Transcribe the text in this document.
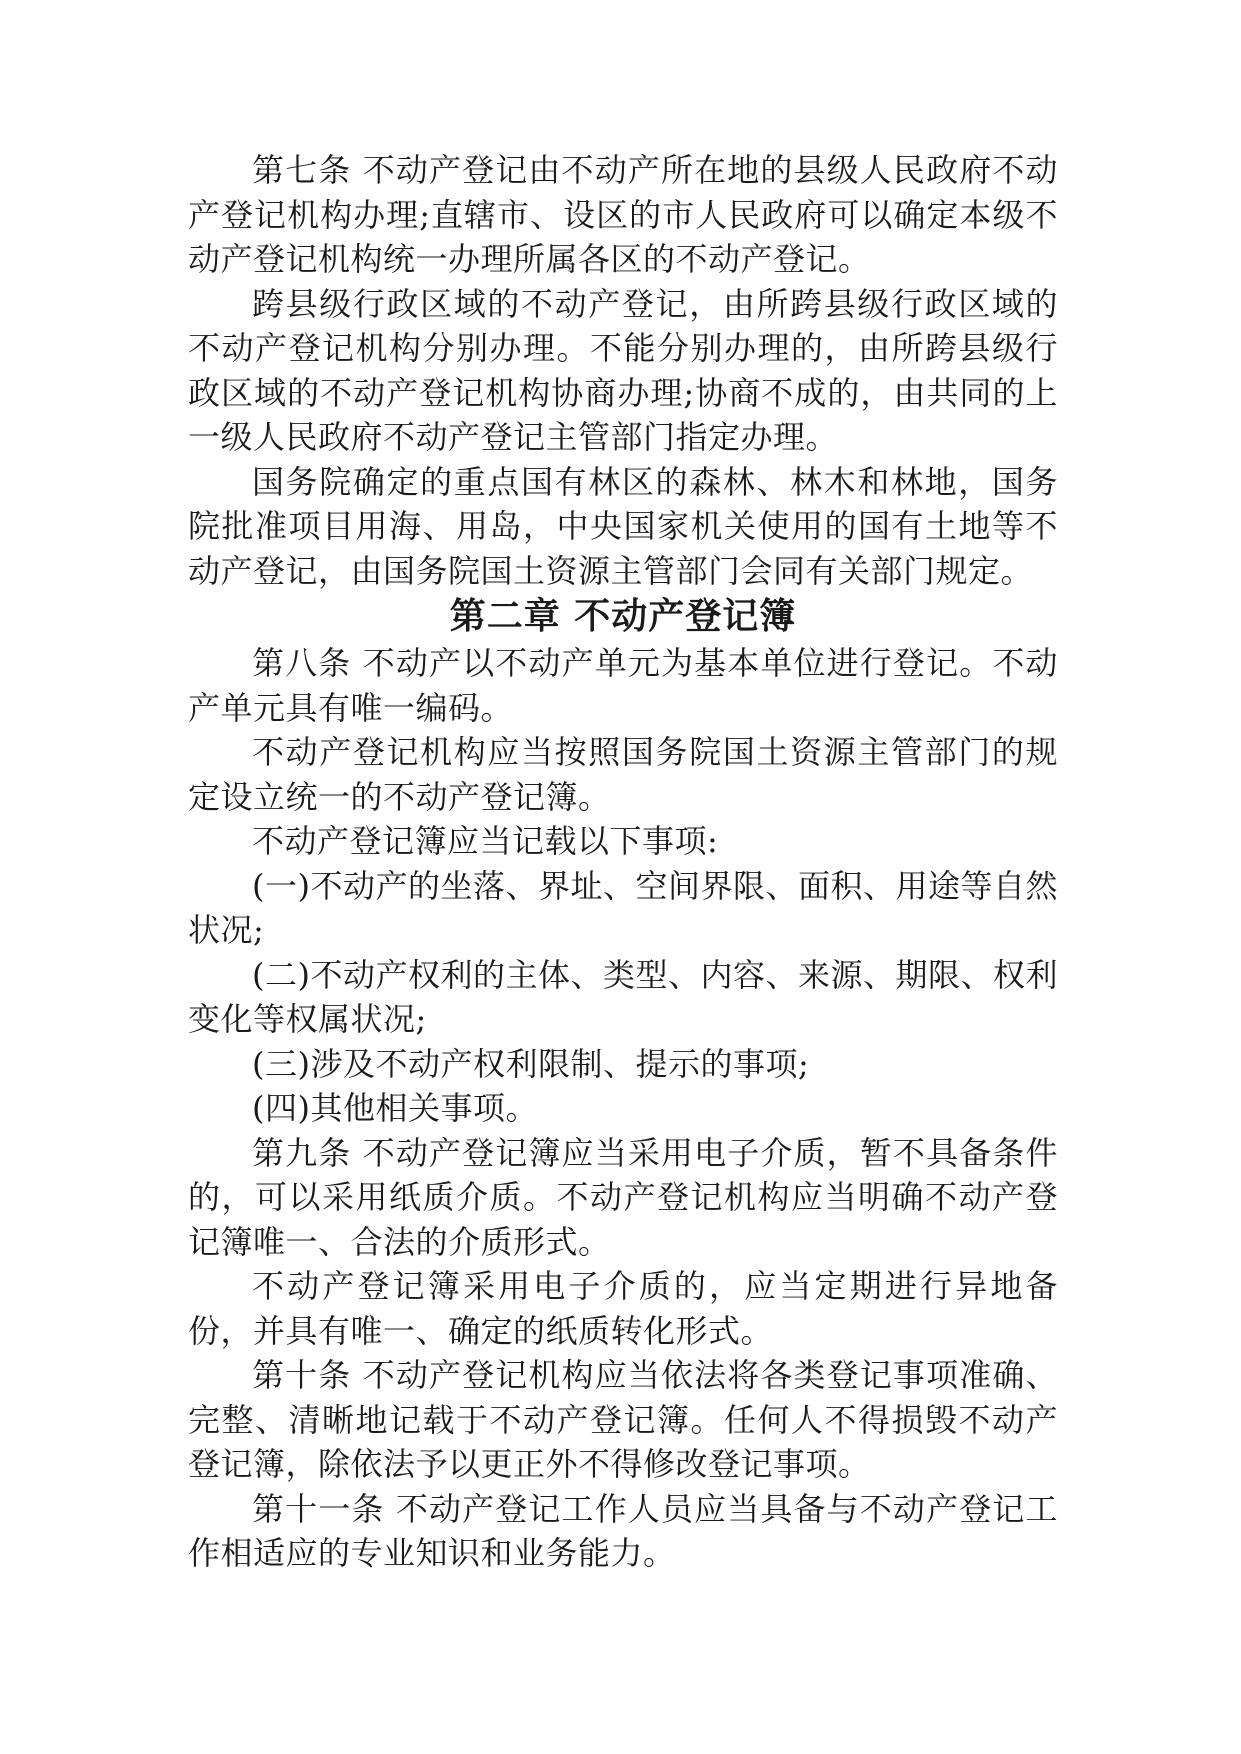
第七条 不动产登记由不动产所在地的县级人民政府不动产登记机构办理;直辖市、设区的市人民政府可以确定本级不动产登记机构统一办理所属各区的不动产登记。

跨县级行政区域的不动产登记，由所跨县级行政区域的不动产登记机构分别办理。不能分别办理的，由所跨县级行政区域的不动产登记机构协商办理;协商不成的，由共同的上一级人民政府不动产登记主管部门指定办理。

国务院确定的重点国有林区的森林、林木和林地，国务院批准项目用海、用岛，中央国家机关使用的国有土地等不动产登记，由国务院国土资源主管部门会同有关部门规定。

第二章 不动产登记簿

第八条 不动产以不动产单元为基本单位进行登记。不动产单元具有唯一编码。

不动产登记机构应当按照国务院国土资源主管部门的规定设立统一的不动产登记簿。

不动产登记簿应当记载以下事项:

(一)不动产的坐落、界址、空间界限、面积、用途等自然状况;

(二)不动产权利的主体、类型、内容、来源、期限、权利变化等权属状况;

(三)涉及不动产权利限制、提示的事项;

(四)其他相关事项。

第九条 不动产登记簿应当采用电子介质，暂不具备条件的，可以采用纸质介质。不动产登记机构应当明确不动产登记簿唯一、合法的介质形式。

不动产登记簿采用电子介质的，应当定期进行异地备份，并具有唯一、确定的纸质转化形式。

第十条 不动产登记机构应当依法将各类登记事项准确、完整、清晰地记载于不动产登记簿。任何人不得损毁不动产登记簿，除依法予以更正外不得修改登记事项。

第十一条 不动产登记工作人员应当具备与不动产登记工作相适应的专业知识和业务能力。
